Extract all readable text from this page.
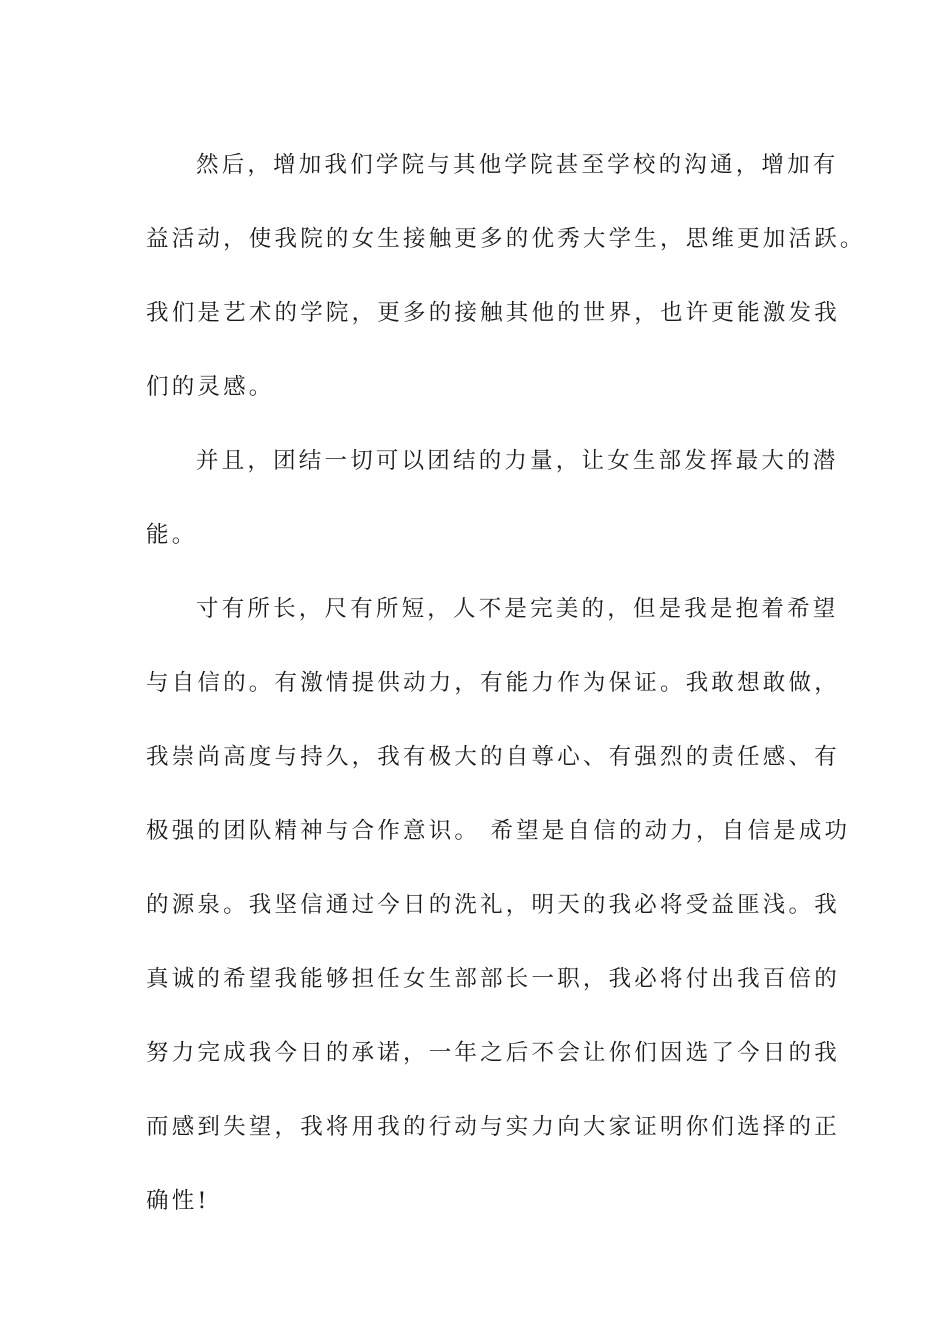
然后，增加我们学院与其他学院甚至学校的沟通，增加有
益活动，使我院的女生接触更多的优秀大学生，思维更加活跃。
我们是艺术的学院，更多的接触其他的世界，也许更能激发我
们的灵感。
并且，团结一切可以团结的力量，让女生部发挥最大的潜
能。
寸有所长，尺有所短，人不是完美的，但是我是抱着希望
与自信的。有激情提供动力，有能力作为保证。我敢想敢做，
我崇尚高度与持久，我有极大的自尊心、有强烈的责任感、有
极强的团队精神与合作意识。 希望是自信的动力，自信是成功
的源泉。我坚信通过今日的洗礼，明天的我必将受益匪浅。我
真诚的希望我能够担任女生部部长一职，我必将付出我百倍的
努力完成我今日的承诺，一年之后不会让你们因选了今日的我
而感到失望，我将用我的行动与实力向大家证明你们选择的正
确性!
